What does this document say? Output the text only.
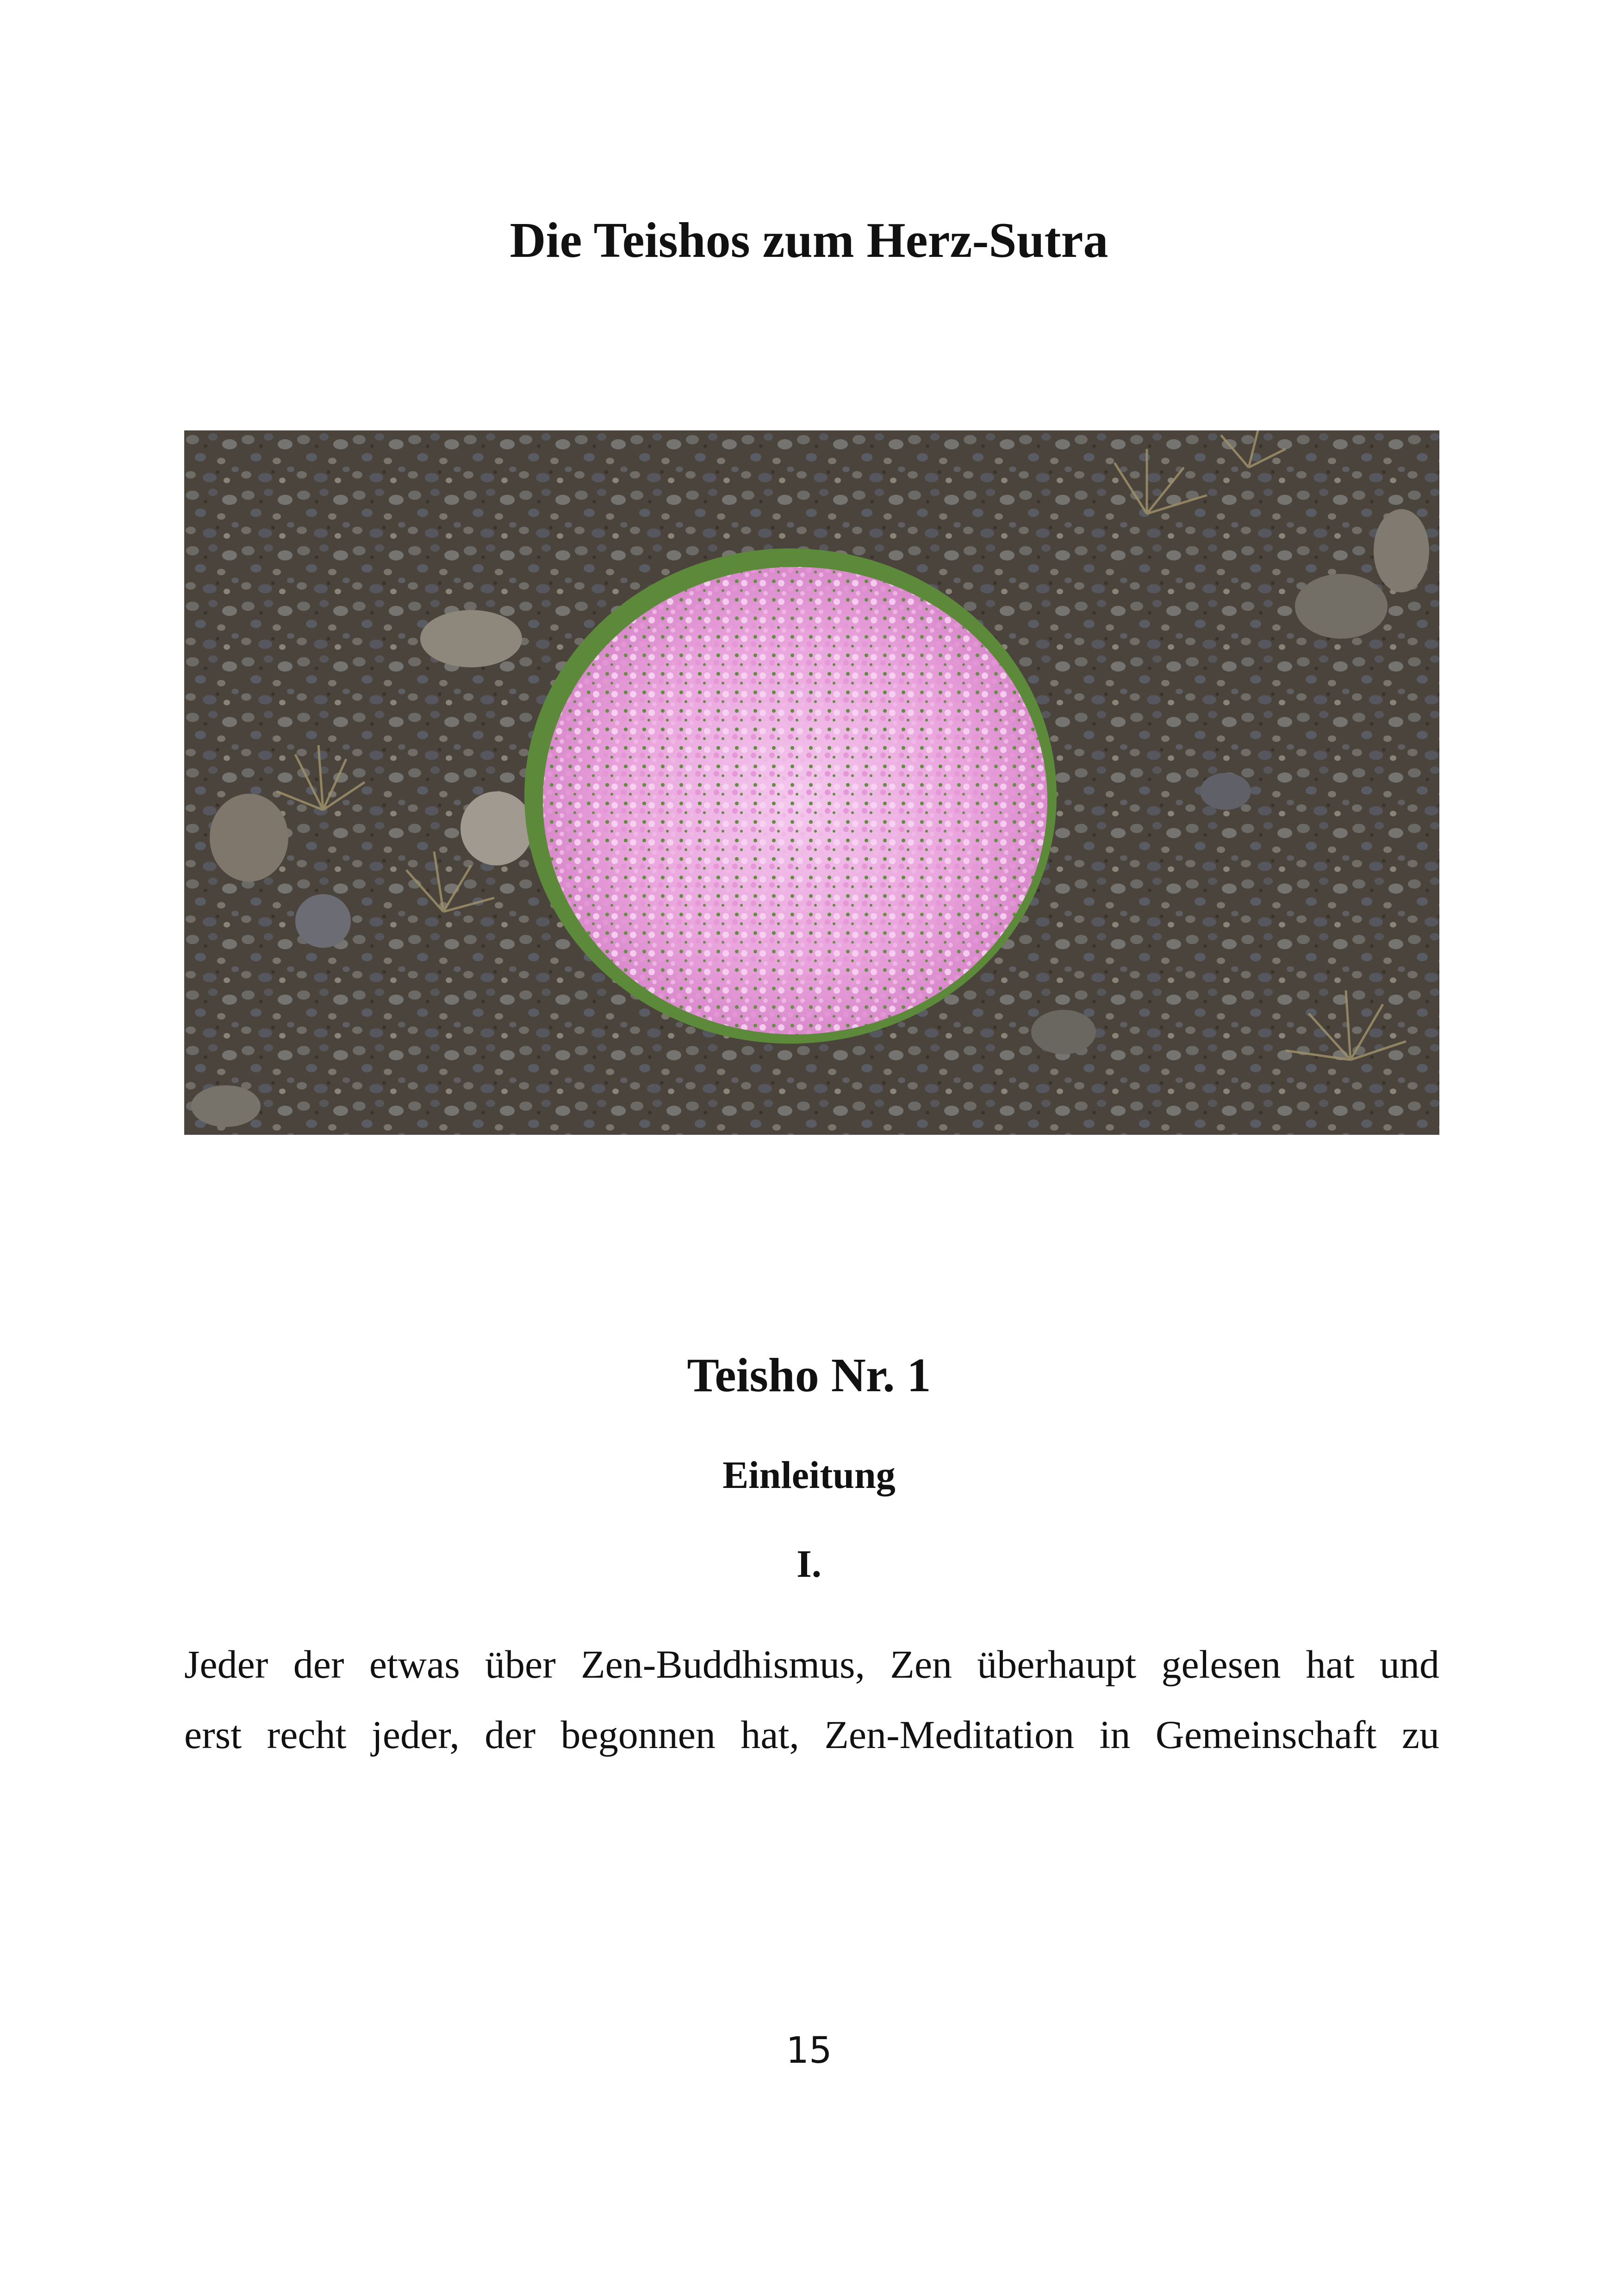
Die Teishos zum Herz-Sutra
Teisho Nr. 1
Einleitung
I.

Jeder der etwas über Zen-Buddhismus, Zen überhaupt gelesen hat und
erst recht jeder, der begonnen hat, Zen-Meditation in Gemeinschaft zu

15
